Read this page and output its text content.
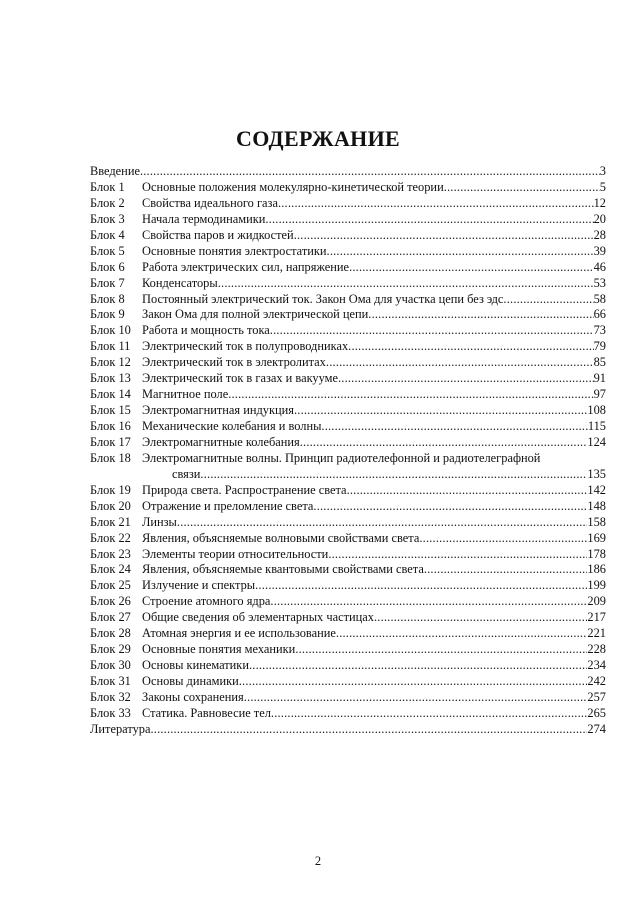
СОДЕРЖАНИЕ
Введение .....	3
Блок 1	Основные положения молекулярно-кинетической теории .....	5
Блок 2	Свойства идеального газа .....	12
Блок 3	Начала термодинамики .....	20
Блок 4	Свойства паров и жидкостей .....	28
Блок 5	Основные понятия электростатики .....	39
Блок 6	Работа электрических сил, напряжение .....	46
Блок 7	Конденсаторы .....	53
Блок 8	Постоянный электрический ток. Закон Ома для участка цепи без эдс .....	58
Блок 9	Закон Ома для полной электрической цепи .....	66
Блок 10 Работа и мощность тока .....	73
Блок 11 Электрический ток в полупроводниках .....	79
Блок 12 Электрический ток в электролитах .....	85
Блок 13 Электрический ток в газах и вакууме .....	91
Блок 14 Магнитное поле .....	97
Блок 15 Электромагнитная индукция .....	108
Блок 16 Механические колебания и волны .....	115
Блок 17 Электромагнитные колебания .....	124
Блок 18 Электромагнитные волны. Принцип радиотелефонной и радиотелеграфной
связи .....	135
Блок 19 Природа света. Распространение света .....	142
Блок 20 Отражение и преломление света .....	148
Блок 21 Линзы .....	158
Блок 22 Явления, объясняемые волновыми свойствами света .....	169
Блок 23 Элементы теории относительности .....	178
Блок 24 Явления, объясняемые квантовыми свойствами света .....	186
Блок 25 Излучение и спектры .....	199
Блок 26 Строение атомного ядра .....	209
Блок 27 Общие сведения об элементарных частицах .....	217
Блок 28 Атомная энергия и ее использование .....	221
Блок 29 Основные понятия механики .....	228
Блок 30 Основы кинематики .....	234
Блок 31 Основы динамики .....	242
Блок 32 Законы сохранения .....	257
Блок 33 Статика. Равновесие тел .....	265
Литература .....	274
2
